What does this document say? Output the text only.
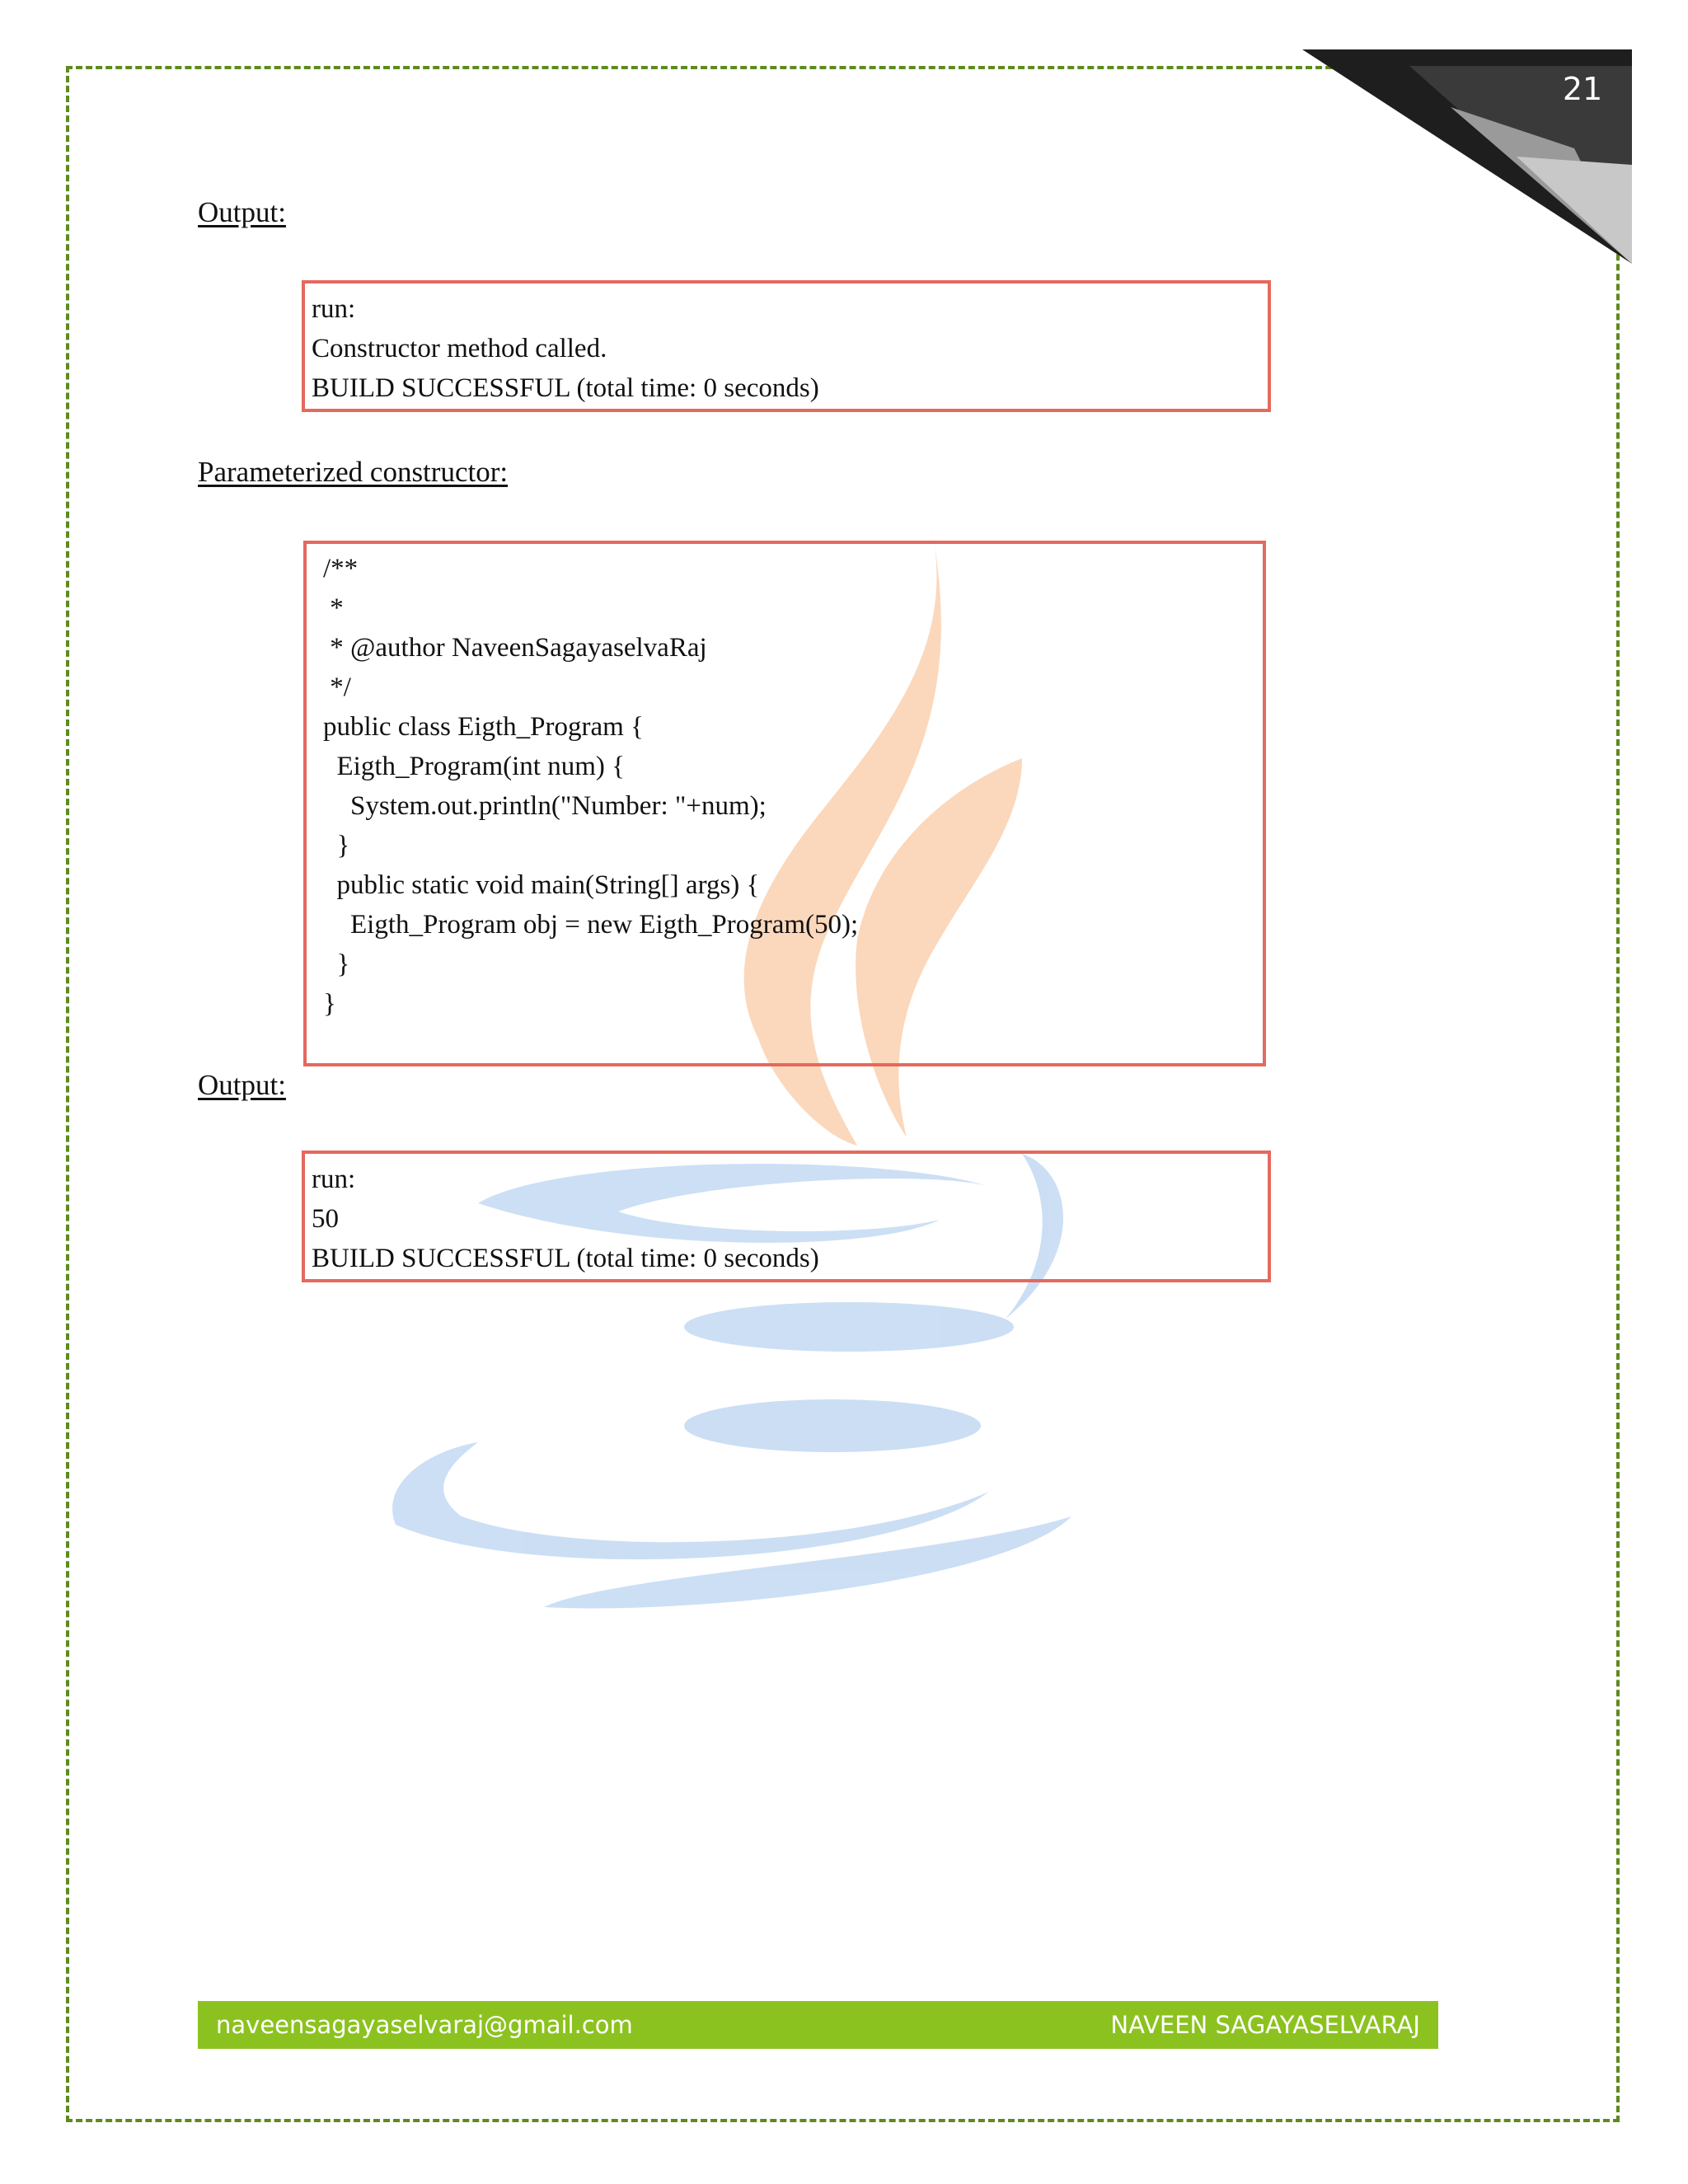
21
Output:
run:
Constructor method called.
BUILD SUCCESSFUL (total time: 0 seconds)
Parameterized constructor:
/**
*
* @author NaveenSagayaselvaRaj
*/
public class Eigth_Program {
Eigth_Program(int num) {
System.out.println("Number: "+num);
}
public static void main(String[] args) {
Eigth_Program obj = new Eigth_Program(50);
}
}
Output:
run:
50
BUILD SUCCESSFUL (total time: 0 seconds)
naveensagayaselvaraj@gmail.com	NAVEEN SAGAYASELVARAJ
